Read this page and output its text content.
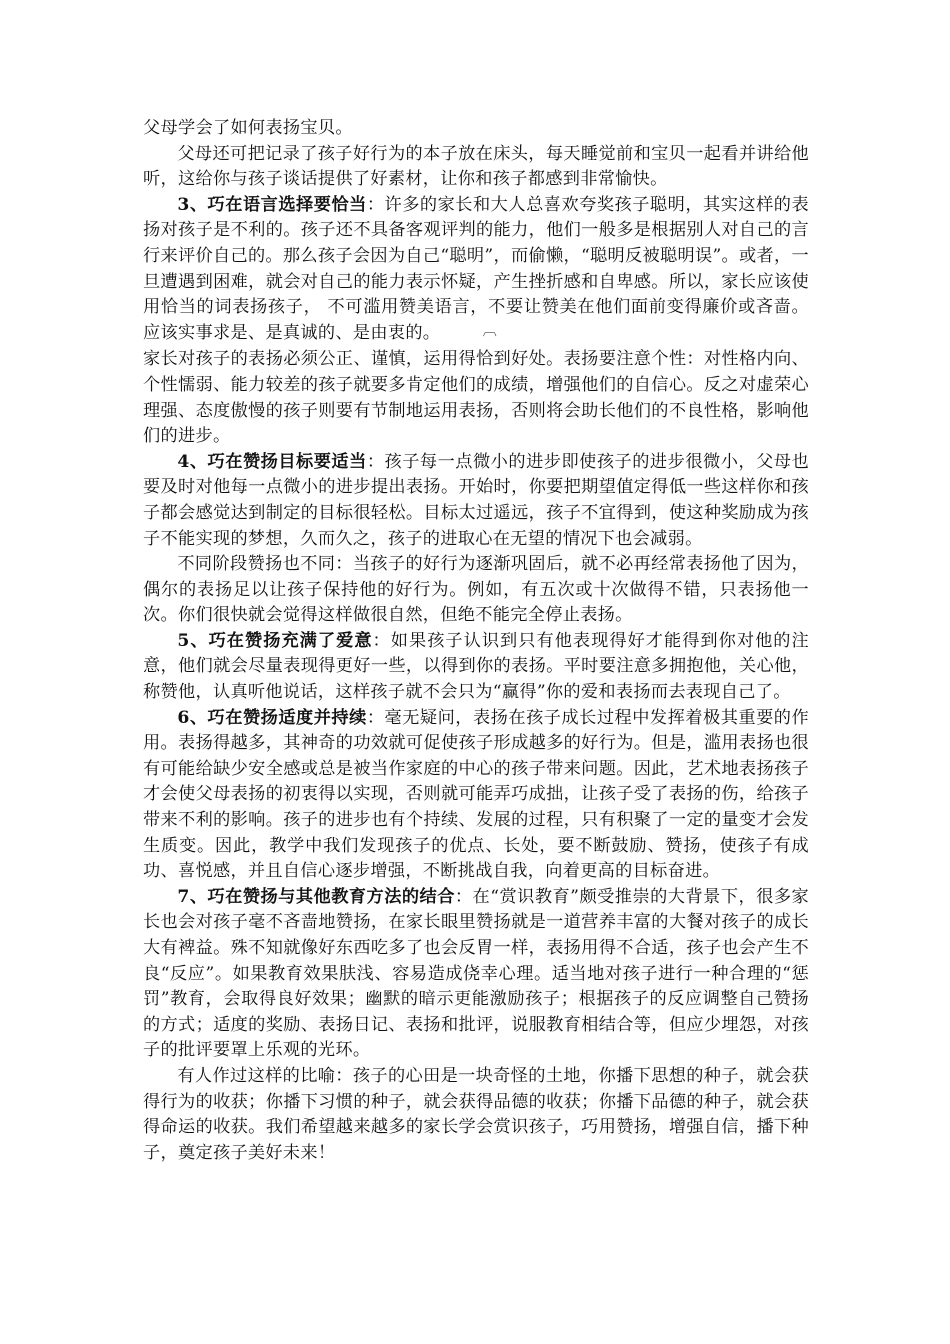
父母学会了如何表扬宝贝。

父母还可把记录了孩子好行为的本子放在床头，每天睡觉前和宝贝一起看并讲给他听，这给你与孩子谈话提供了好素材，让你和孩子都感到非常愉快。

3、巧在语言选择要恰当：许多的家长和大人总喜欢夸奖孩子聪明，其实这样的表扬对孩子是不利的。孩子还不具备客观评判的能力，他们一般多是根据别人对自己的言行来评价自己的。那么孩子会因为自己“聪明”，而偷懒，“聪明反被聪明误”。或者，一旦遭遇到困难，就会对自己的能力表示怀疑，产生挫折感和自卑感。所以，家长应该使用恰当的词表扬孩子， 不可滥用赞美语言，不要让赞美在他们面前变得廉价或吝啬。应该实事求是、是真诚的、是由衷的。	︹

家长对孩子的表扬必须公正、谨慎，运用得恰到好处。表扬要注意个性：对性格内向、个性懦弱、能力较差的孩子就要多肯定他们的成绩，增强他们的自信心。反之对虚荣心理强、态度傲慢的孩子则要有节制地运用表扬，否则将会助长他们的不良性格，影响他们的进步。

4、巧在赞扬目标要适当：孩子每一点微小的进步即使孩子的进步很微小，父母也要及时对他每一点微小的进步提出表扬。开始时，你要把期望值定得低一些这样你和孩子都会感觉达到制定的目标很轻松。目标太过遥远，孩子不宜得到，使这种奖励成为孩子不能实现的梦想，久而久之，孩子的进取心在无望的情况下也会减弱。

不同阶段赞扬也不同：当孩子的好行为逐渐巩固后，就不必再经常表扬他了因为，偶尔的表扬足以让孩子保持他的好行为。例如，有五次或十次做得不错，只表扬他一次。你们很快就会觉得这样做很自然，但绝不能完全停止表扬。

5、巧在赞扬充满了爱意：如果孩子认识到只有他表现得好才能得到你对他的注意，他们就会尽量表现得更好一些，以得到你的表扬。平时要注意多拥抱他，关心他，称赞他，认真听他说话，这样孩子就不会只为“赢得”你的爱和表扬而去表现自己了。

6、巧在赞扬适度并持续：毫无疑问，表扬在孩子成长过程中发挥着极其重要的作用。表扬得越多，其神奇的功效就可促使孩子形成越多的好行为。但是，滥用表扬也很有可能给缺少安全感或总是被当作家庭的中心的孩子带来问题。因此，艺术地表扬孩子才会使父母表扬的初衷得以实现，否则就可能弄巧成拙，让孩子受了表扬的伤，给孩子带来不利的影响。孩子的进步也有个持续、发展的过程，只有积聚了一定的量变才会发生质变。因此，教学中我们发现孩子的优点、长处，要不断鼓励、赞扬，使孩子有成功、喜悦感，并且自信心逐步增强，不断挑战自我，向着更高的目标奋进。

7、巧在赞扬与其他教育方法的结合：在“赏识教育”颇受推崇的大背景下，很多家长也会对孩子毫不吝啬地赞扬，在家长眼里赞扬就是一道营养丰富的大餐对孩子的成长大有裨益。殊不知就像好东西吃多了也会反胃一样，表扬用得不合适，孩子也会产生不良“反应”。如果教育效果肤浅、容易造成侥幸心理。适当地对孩子进行一种合理的“惩罚”教育，会取得良好效果；幽默的暗示更能激励孩子；根据孩子的反应调整自己赞扬的方式；适度的奖励、表扬日记、表扬和批评，说服教育相结合等，但应少埋怨，对孩子的批评要罩上乐观的光环。

有人作过这样的比喻：孩子的心田是一块奇怪的土地，你播下思想的种子，就会获得行为的收获；你播下习惯的种子，就会获得品德的收获；你播下品德的种子，就会获得命运的收获。我们希望越来越多的家长学会赏识孩子，巧用赞扬，增强自信，播下种子，奠定孩子美好未来！
